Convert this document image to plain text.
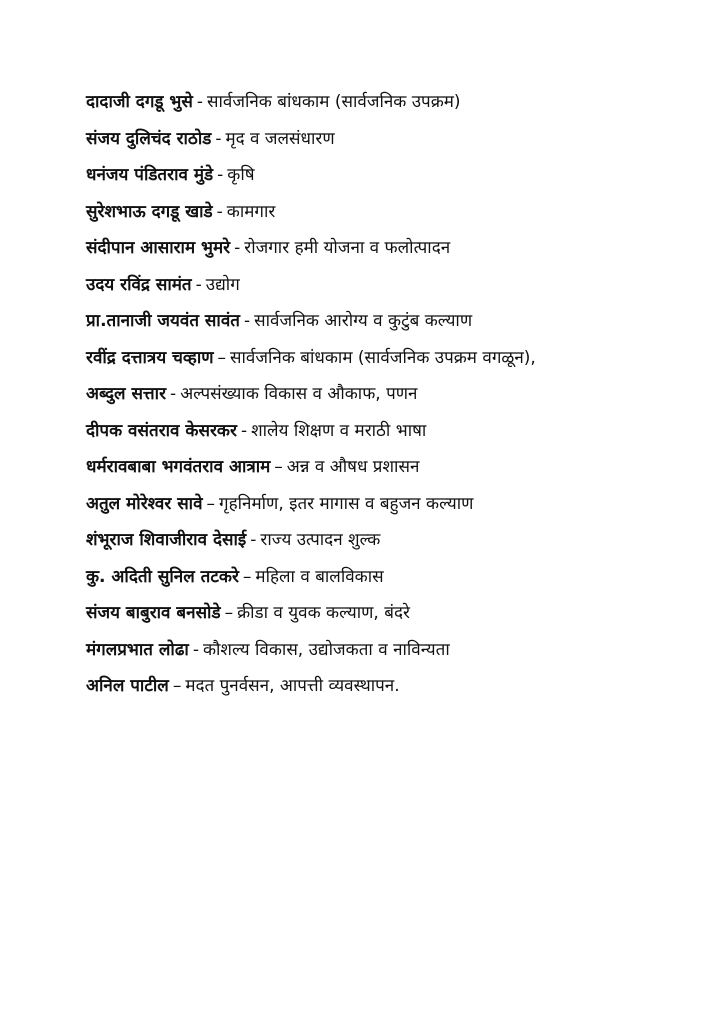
दादाजी दगडू भुसे - सार्वजनिक बांधकाम (सार्वजनिक उपक्रम)
संजय दुलिचंद राठोड - मृद व जलसंधारण
धनंजय पंडितराव मुंडे - कृषि
सुरेशभाऊ दगडू खाडे - कामगार
संदीपान आसाराम भुमरे - रोजगार हमी योजना व फलोत्पादन
उदय रविंद्र सामंत - उद्योग
प्रा.तानाजी जयवंत सावंत - सार्वजनिक आरोग्य व कुटुंब कल्याण
रवींद्र दत्तात्रय चव्हाण – सार्वजनिक बांधकाम (सार्वजनिक उपक्रम वगळून),
अब्दुल सत्तार - अल्पसंख्याक विकास व औकाफ, पणन
दीपक वसंतराव केसरकर - शालेय शिक्षण व मराठी भाषा
धर्मरावबाबा भगवंतराव आत्राम – अन्न व औषध प्रशासन
अतुल मोरेश्वर सावे – गृहनिर्माण, इतर मागास व बहुजन कल्याण
शंभूराज शिवाजीराव देसाई - राज्य उत्पादन शुल्क
कु. अदिती सुनिल तटकरे – महिला व बालविकास
संजय बाबुराव बनसोडे – क्रीडा व युवक कल्याण, बंदरे
मंगलप्रभात लोढा - कौशल्य विकास, उद्योजकता व नाविन्यता
अनिल पाटील – मदत पुनर्वसन, आपत्ती व्यवस्थापन.
